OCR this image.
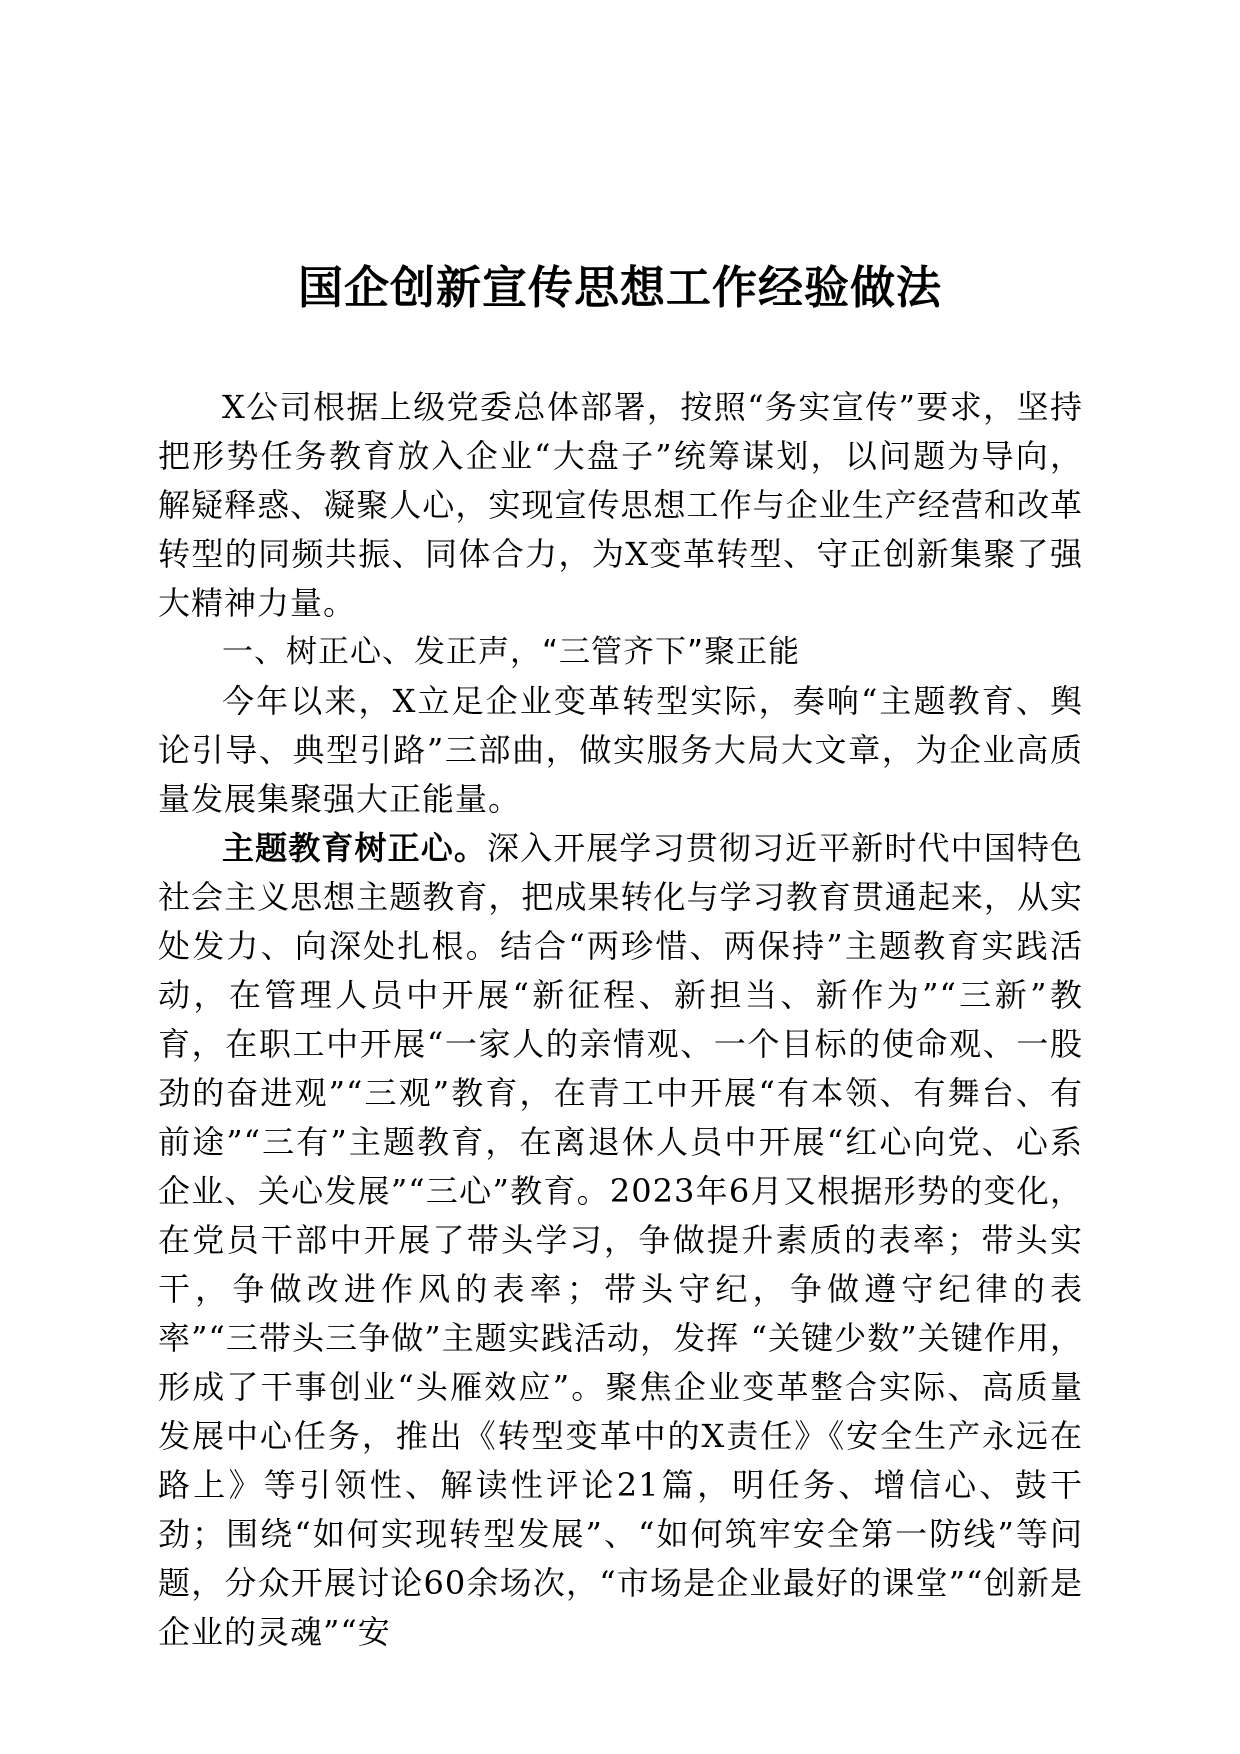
国企创新宣传思想工作经验做法

X公司根据上级党委总体部署，按照“务实宣传”要求，坚持把形势任务教育放入企业“大盘子”统筹谋划，以问题为导向，解疑释惑、凝聚人心，实现宣传思想工作与企业生产经营和改革转型的同频共振、同体合力，为X变革转型、守正创新集聚了强大精神力量。

一、树正心、发正声，“三管齐下”聚正能

今年以来，X立足企业变革转型实际，奏响“主题教育、舆论引导、典型引路”三部曲，做实服务大局大文章，为企业高质量发展集聚强大正能量。

主题教育树正心。深入开展学习贯彻习近平新时代中国特色社会主义思想主题教育，把成果转化与学习教育贯通起来，从实处发力、向深处扎根。结合“两珍惜、两保持”主题教育实践活动，在管理人员中开展“新征程、新担当、新作为”“三新”教育，在职工中开展“一家人的亲情观、一个目标的使命观、一股劲的奋进观”“三观”教育，在青工中开展“有本领、有舞台、有前途”“三有”主题教育，在离退休人员中开展“红心向党、心系企业、关心发展”“三心”教育。2023年6月又根据形势的变化，在党员干部中开展了带头学习，争做提升素质的表率；带头实干，争做改进作风的表率；带头守纪，争做遵守纪律的表率”“三带头三争做”主题实践活动，发挥 “关键少数”关键作用，形成了干事创业“头雁效应”。聚焦企业变革整合实际、高质量发展中心任务，推出《转型变革中的X责任》《安全生产永远在路上》等引领性、解读性评论21篇，明任务、增信心、鼓干劲；围绕“如何实现转型发展”、“如何筑牢安全第一防线”等问题，分众开展讨论60余场次，“市场是企业最好的课堂”“创新是企业的灵魂”“安
